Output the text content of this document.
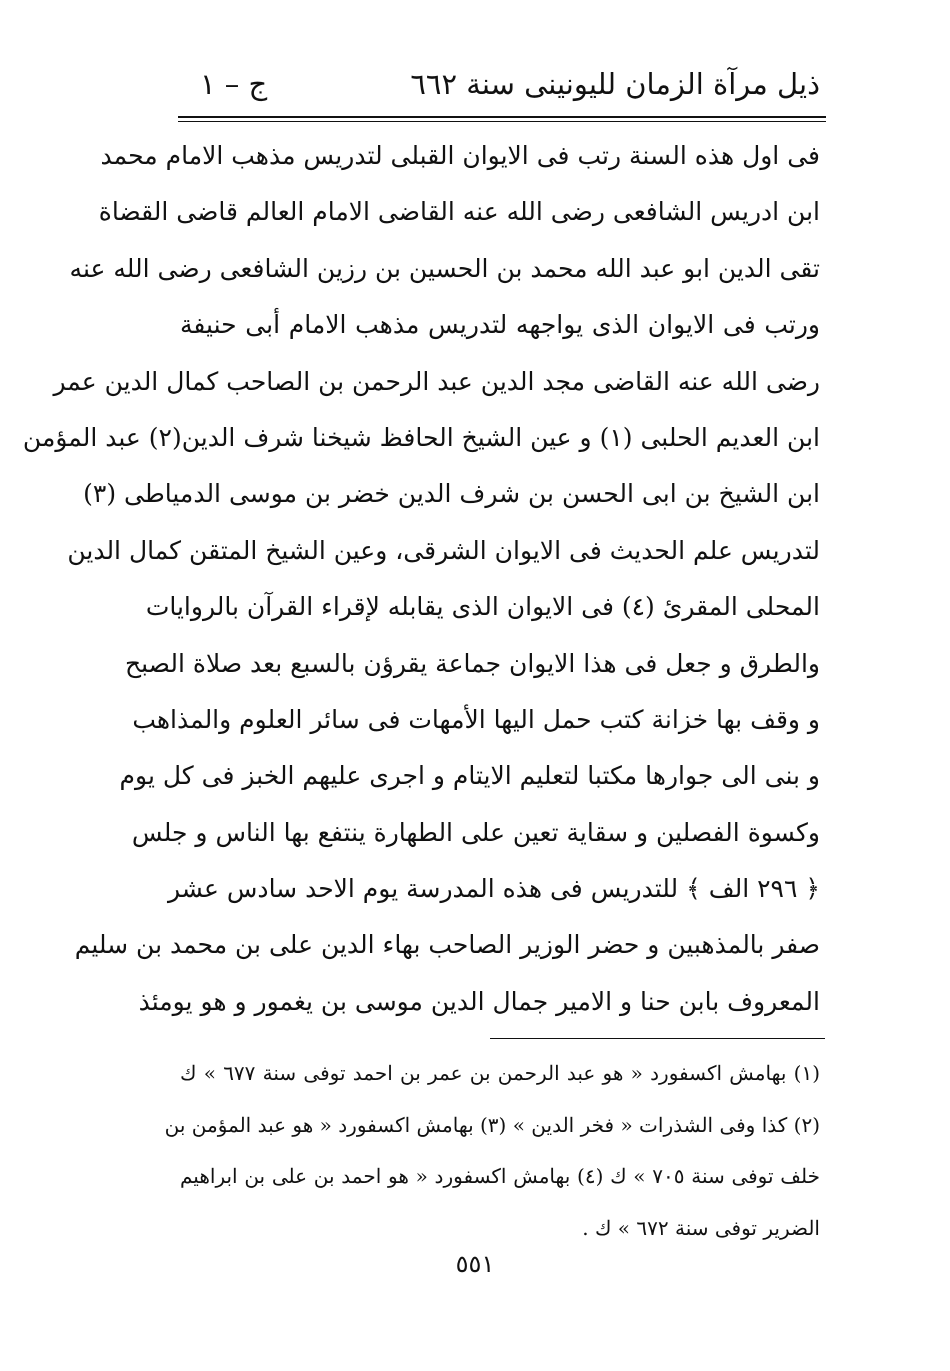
ذيل مرآة الزمان لليونينى سنة ٦٦٢
ج – ١
فى اول هذه السنة رتب فى الايوان القبلى لتدريس مذهب الامام محمد
ابن ادريس الشافعى رضى الله عنه القاضى الامام العالم قاضى القضاة
تقى الدين ابو عبد الله محمد بن الحسين بن رزين الشافعى رضى الله عنه
ورتب فى الايوان الذى يواجهه لتدريس مذهب الامام أبى حنيفة
رضى الله عنه القاضى مجد الدين عبد الرحمن بن الصاحب كمال الدين عمر
ابن العديم الحلبى (١) و عين الشيخ الحافظ شيخنا شرف الدين(٢) عبد المؤمن
ابن الشيخ بن ابى الحسن بن شرف الدين خضر بن موسى الدمياطى (٣)
لتدريس علم الحديث فى الايوان الشرقى، وعين الشيخ المتقن كمال الدين
المحلى المقرئ (٤) فى الايوان الذى يقابله لإقراء القرآن بالروايات
والطرق و جعل فى هذا الايوان جماعة يقرؤن بالسبع بعد صلاة الصبح
و وقف بها خزانة كتب حمل اليها الأمهات فى سائر العلوم والمذاهب
و بنى الى جوارها مكتبا لتعليم الايتام و اجرى عليهم الخبز فى كل يوم
وكسوة الفصلين و سقاية تعين على الطهارة ينتفع بها الناس و جلس
﴿ ٢٩٦ الف ﴾ للتدريس فى هذه المدرسة يوم الاحد سادس عشر
صفر بالمذهبين و حضر الوزير الصاحب بهاء الدين على بن محمد بن سليم
المعروف بابن حنا و الامير جمال الدين موسى بن يغمور و هو يومئذ
(١) بهامش اكسفورد « هو عبد الرحمن بن عمر بن احمد توفى سنة ٦٧٧ » ك
(٢) كذا وفى الشذرات « فخر الدين » (٣) بهامش اكسفورد « هو عبد المؤمن بن
خلف توفى سنة ٧٠٥ » ك (٤) بهامش اكسفورد « هو احمد بن على بن ابراهيم
الضرير توفى سنة ٦٧٢ » ك .
٥٥١
